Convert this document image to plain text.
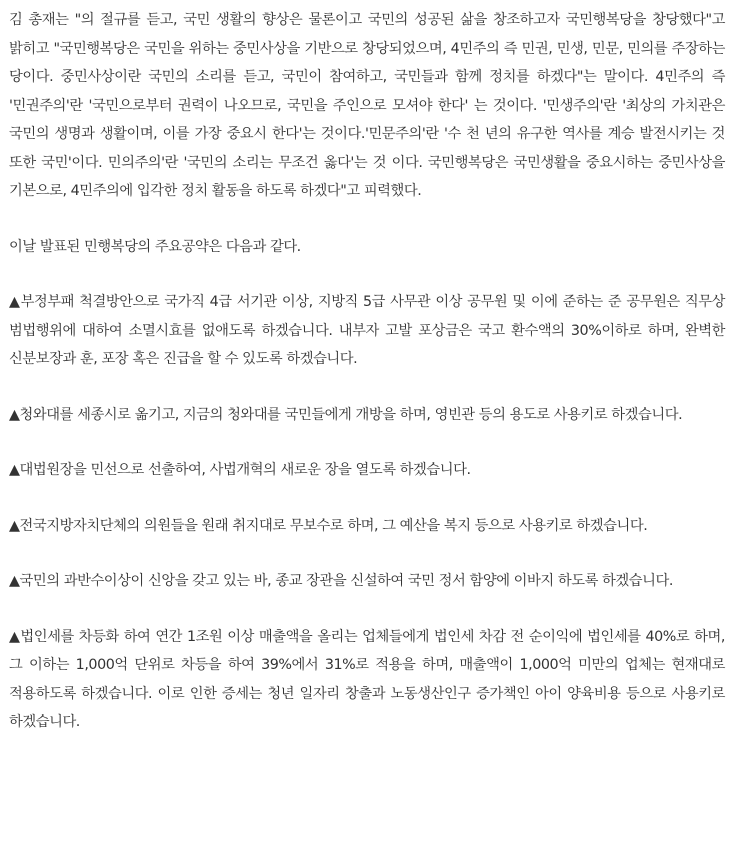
김 총재는 "의 절규를 듣고, 국민 생활의 향상은 물론이고 국민의 성공된 삶을 창조하고자 국민행복당을 창당했다"고 밝히고 "국민행복당은 국민을 위하는 중민사상을 기반으로 창당되었으며, 4민주의 즉 민권, 민생, 민문, 민의를 주장하는 당이다. 중민사상이란 국민의 소리를 듣고, 국민이 참여하고, 국민들과 함께 정치를 하겠다"는 말이다. 4민주의 즉 '민권주의'란 '국민으로부터 권력이 나오므로, 국민을 주인으로 모셔야 한다' 는 것이다. '민생주의'란 '최상의 가치관은 국민의 생명과 생활이며, 이를 가장 중요시 한다'는 것이다.'민문주의'란 '수 천 년의 유구한 역사를 계승 발전시키는 것 또한 국민'이다. 민의주의'란 '국민의 소리는 무조건 옳다'는 것 이다. 국민행복당은 국민생활을 중요시하는 중민사상을 기본으로, 4민주의에 입각한 정치 활동을 하도록 하겠다"고 피력했다.

이날 발표된 민행복당의 주요공약은 다음과 같다.

▲부정부패 척결방안으로 국가직 4급 서기관 이상, 지방직 5급 사무관 이상 공무원 및 이에 준하는 준 공무원은 직무상 범법행위에 대하여 소멸시효를 없애도록 하겠습니다. 내부자 고발 포상금은 국고 환수액의 30%이하로 하며, 완벽한 신분보장과 훈, 포장 혹은 진급을 할 수 있도록 하겠습니다.

▲청와대를 세종시로 옮기고, 지금의 청와대를 국민들에게 개방을 하며, 영빈관 등의 용도로 사용키로 하겠습니다.

▲대법원장을 민선으로 선출하여, 사법개혁의 새로운 장을 열도록 하겠습니다.

▲전국지방자치단체의 의원들을 원래 취지대로 무보수로 하며, 그 예산을 복지 등으로 사용키로 하겠습니다.

▲국민의 과반수이상이 신앙을 갖고 있는 바, 종교 장관을 신설하여 국민 정서 함양에 이바지 하도록 하겠습니다.

▲법인세를 차등화 하여 연간 1조원 이상 매출액을 올리는 업체들에게 법인세 차감 전 순이익에 법인세를 40%로 하며, 그 이하는 1,000억 단위로 차등을 하여 39%에서 31%로 적용을 하며, 매출액이 1,000억 미만의 업체는 현재대로 적용하도록 하겠습니다. 이로 인한 증세는 청년 일자리 창출과 노동생산인구 증가책인 아이 양육비용 등으로 사용키로 하겠습니다.
